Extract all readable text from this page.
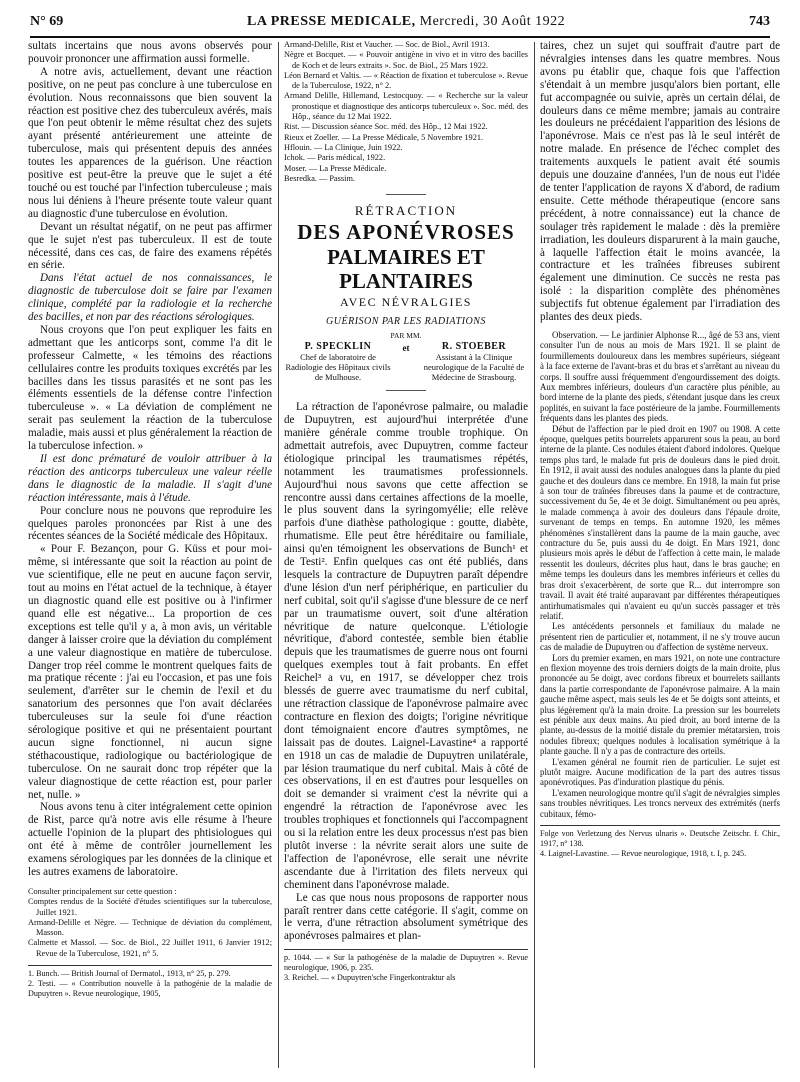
N° 69	LA PRESSE MEDICALE, Mercredi, 30 Août 1922	743

sultats incertains que nous avons observés pour pouvoir prononcer une affirmation aussi formelle.

A notre avis, actuellement, devant une réaction positive, on ne peut pas conclure à une tuberculose en évolution. Nous reconnaissons que bien souvent la réaction est positive chez des tuberculeux avérés, mais que l'on peut obtenir le même résultat chez des sujets ayant présenté antérieurement une atteinte de tuberculose, mais qui présentent depuis des années toutes les apparences de la guérison. Une réaction positive est peut-être la preuve que le sujet a été touché ou est touché par l'infection tuberculeuse ; mais nous lui déniens à l'heure présente toute valeur quant au diagnostic d'une tuberculose en évolution.

Devant un résultat négatif, on ne peut pas affirmer que le sujet n'est pas tuberculeux. Il est de toute nécessité, dans ces cas, de faire des examens répétés en série.

Dans l'état actuel de nos connaissances, le diagnostic de tuberculose doit se faire par l'examen clinique, complété par la radiologie et la recherche des bacilles, et non par des réactions sérologiques.

Nous croyons que l'on peut expliquer les faits en admettant que les anticorps sont, comme l'a dit le professeur Calmette, « les témoins des réactions cellulaires contre les produits toxiques excrétés par les bacilles dans les tissus parasités et ne sont pas les éléments essentiels de la défense contre l'infection tuberculeuse ». « La déviation de complément ne serait pas seulement la réaction de la tuberculose maladie, mais aussi et plus généralement la réaction de la tuberculose infection. »

Il est donc prématuré de vouloir attribuer à la réaction des anticorps tuberculeux une valeur réelle dans le diagnostic de la maladie. Il s'agit d'une réaction intéressante, mais à l'étude.

Pour conclure nous ne pouvons que reproduire les quelques paroles prononcées par Rist à une des récentes séances de la Société médicale des Hôpitaux.

« Pour F. Bezançon, pour G. Küss et pour moi-même, si intéressante que soit la réaction au point de vue scientifique, elle ne peut en aucune façon servir, tout au moins en l'état actuel de la technique, à étayer un diagnostic quand elle est positive ou à l'infirmer quand elle est négative... La proportion de ces exceptions est telle qu'il y a, à mon avis, un véritable danger à laisser croire que la déviation du complément a une valeur diagnostique en matière de tuberculose. Danger trop réel comme le montrent quelques faits de ma pratique récente : j'ai eu l'occasion, et pas une fois seulement, d'arrêter sur le chemin de l'exil et du sanatorium des personnes que l'on avait déclarées tuberculeuses sur la seule foi d'une réaction sérologique positive et qui ne présentaient pourtant aucun signe fonctionnel, ni aucun signe stéthacoustique, radiologique ou bactériologique de tuberculose. On ne saurait donc trop répéter que la valeur diagnostique de cette réaction est, pour parler net, nulle. »

Nous avons tenu à citer intégralement cette opinion de Rist, parce qu'à notre avis elle résume à l'heure actuelle l'opinion de la plupart des phtisiologues qui ont été à même de contrôler journellement les examens sérologiques par les données de la clinique et les autres examens de laboratoire.

Consulter principalement sur cette question :

Comptes rendus de la Société d'études scientifiques sur la tuberculose, Juillet 1921.

Armand-Delille et Nègre. — Technique de déviation du complément, Masson.

Calmette et Massol. — Soc. de Biol., 22 Juillet 1911, 6 Janvier 1912; Revue de la Tuberculose, 1921, n° 5.

1. Bunch. — British Journal of Dermatol., 1913, n° 25, p. 279.

2. Testi. — « Contribution nouvelle à la pathogénie de la maladie de Dupuytren ». Revue neurologique, 1905,

Armand-Delille, Rist et Vaucher. — Soc. de Biol., Avril 1913.

Nègre et Bocquet. — « Pouvoir antigène in vivo et in vitro des bacilles de Koch et de leurs extraits ». Soc. de Biol., 25 Mars 1922.

Léon Bernard et Valtis. — « Réaction de fixation et tuberculose ». Revue de la Tuberculose, 1922, n° 2.

Armand Delille, Hillemand, Lestocquoy. — « Recherche sur la valeur pronostique et diagnostique des anticorps tuberculeux ». Soc. méd. des Hôp., séance du 12 Mai 1922.

Rist. — Discussion séance Soc. méd. des Hôp., 12 Mai 1922.

Rieux et Zoeller. — La Presse Médicale, 5 Novembre 1921.

Hflouin. — La Clinique, Juin 1922.

Ichok. — Paris médical, 1922.

Moser. — La Presse Médicale.

Besredka. — Passim.

RÉTRACTION
DES APONÉVROSES
PALMAIRES ET PLANTAIRES
AVEC NÉVRALGIES
GUÉRISON PAR LES RADIATIONS
PAR MM.
P. SPECKLIN
Chef de laboratoire de Radiologie des Hôpitaux civils de Mulhouse.
et	R. STOEBER
Assistant à la Clinique neurologique de la Faculté de Médecine de Strasbourg.

La rétraction de l'aponévrose palmaire, ou maladie de Dupuytren, est aujourd'hui interprétée d'une manière générale comme trouble trophique. On admettait autrefois, avec Dupuytren, comme facteur étiologique principal les traumatismes répétés, notamment les traumatismes professionnels. Aujourd'hui nous savons que cette affection se rencontre aussi dans certaines affections de la moelle, le plus souvent dans la syringomyélie; elle relève parfois d'une diathèse pathologique : goutte, diabète, rhumatisme. Elle peut être héréditaire ou familiale, ainsi qu'en témoignent les observations de Bunch¹ et de Testi². Enfin quelques cas ont été publiés, dans lesquels la contracture de Dupuytren paraît dépendre d'une lésion d'un nerf périphérique, en particulier du nerf cubital, soit qu'il s'agisse d'une blessure de ce nerf par un traumatisme ouvert, soit d'une altération névritique de nature quelconque. L'étiologie névritique, d'abord contestée, semble bien établie depuis que les traumatismes de guerre nous ont fourni quelques exemples tout à fait probants. En effet Reichel³ a vu, en 1917, se développer chez trois blessés de guerre avec traumatisme du nerf cubital, une rétraction classique de l'aponévrose palmaire avec contracture en flexion des doigts; l'origine névritique dont témoignaient encore d'autres symptômes, ne laissait pas de doutes. Laignel-Lavastine⁴ a rapporté en 1918 un cas de maladie de Dupuytren unilatérale, par lésion traumatique du nerf cubital. Mais à côté de ces observations, il en est d'autres pour lesquelles on doit se demander si vraiment c'est la névrite qui a engendré la rétraction de l'aponévrose avec les troubles trophiques et fonctionnels qui l'accompagnent ou si la relation entre les deux processus n'est pas bien plutôt inverse : la névrite serait alors une suite de l'affection de l'aponévrose, elle serait une névrite ascendante due à l'irritation des filets nerveux qui cheminent dans l'aponévrose malade.

Le cas que nous nous proposons de rapporter nous paraît rentrer dans cette catégorie. Il s'agit, comme on le verra, d'une rétraction absolument symétrique des aponévroses palmaires et plan-

p. 1044. — « Sur la pathogénèse de la maladie de Dupuytren ». Revue neurologique, 1906, p. 235.

3. Reichel. — « Dupuytren'sche Fingerkontraktur als

taires, chez un sujet qui souffrait d'autre part de névralgies intenses dans les quatre membres. Nous avons pu établir que, chaque fois que l'affection s'étendait à un membre jusqu'alors bien portant, elle fut accompagnée ou suivie, après un certain délai, de douleurs dans ce même membre; jamais au contraire les douleurs ne précédaient l'apparition des lésions de l'aponévrose. Mais ce n'est pas là le seul intérêt de notre malade. En présence de l'échec complet des traitements auxquels le patient avait été soumis depuis une douzaine d'années, l'un de nous eut l'idée de tenter l'application de rayons X d'abord, de radium ensuite. Cette méthode thérapeutique (encore sans précédent, à notre connaissance) eut la chance de soulager très rapidement le malade : dès la première irradiation, les douleurs disparurent à la main gauche, à laquelle l'affection était le moins avancée, la contracture et les traînées fibreuses subirent également une diminution. Ce succès ne resta pas isolé : la disparition complète des phénomènes subjectifs fut obtenue également par l'irradiation des plantes des deux pieds.

Observation. — Le jardinier Alphonse R..., âgé de 53 ans, vient consulter l'un de nous au mois de Mars 1921. Il se plaint de fourmillements douloureux dans les membres supérieurs, siégeant à la face externe de l'avant-bras et du bras et s'arrêtant au niveau du corps. Il souffre aussi fréquemment d'engourdissement des doigts. Aux membres inférieurs, douleurs d'un caractère plus pénible, au bord interne de la plante des pieds, s'étendant jusque dans les creux poplités, en suivant la face postérieure de la jambe. Fourmillements fréquents dans les plantes des pieds.

Début de l'affection par le pied droit en 1907 ou 1908. A cette époque, quelques petits bourrelets apparurent sous la peau, au bord interne de la plante. Ces nodules étaient d'abord indolores. Quelque temps plus tard, le malade fut pris de douleurs dans le pied droit. En 1912, il avait aussi des nodules analogues dans la plante du pied gauche et des douleurs dans ce membre. En 1918, la main fut prise à son tour de traînées fibreuses dans la paume et de contracture, successivement du 5e, 4e et 3e doigt. Simultanément ou peu après, le malade commença à avoir des douleurs dans l'épaule droite, survenant de temps en temps. En automne 1920, les mêmes phénomènes s'installèrent dans la paume de la main gauche, avec contracture du 5e, puis aussi du 4e doigt. En Mars 1921, donc plusieurs mois après le début de l'affection à cette main, le malade ressentit les douleurs, décrites plus haut, dans le bras gauche; en même temps les douleurs dans les membres inférieurs et celles du bras droit s'exacerbèrent, de sorte que R... dut interrompre son travail. Il avait été traité auparavant par différentes thérapeutiques antirhumatismales qui n'avaient eu qu'un succès passager et très relatif.

Les antécédents personnels et familiaux du malade ne présentent rien de particulier et, notamment, il ne s'y trouve aucun cas de maladie de Dupuytren ou d'affection de système nerveux.

Lors du premier examen, en mars 1921, on note une contracture en flexion moyenne des trois derniers doigts de la main droite, plus prononcée au 5e doigt, avec cordons fibreux et bourrelets saillants dans la partie correspondante de l'aponévrose palmaire. A la main gauche même aspect, mais seuls les 4e et 5e doigts sont atteints, et plus légèrement qu'à la main droite. La pression sur les bourrelets est pénible aux deux mains. Au pied droit, au bord interne de la plante, au-dessus de la moitié distale du premier métatarsien, trois nodules fibreux; quelques nodules à localisation symétrique à la plante gauche. Il n'y a pas de contracture des orteils.

L'examen général ne fournit rien de particulier. Le sujet est plutôt maigre. Aucune modification de la part des autres tissus aponévrotiques. Pas d'induration plastique du pénis.

L'examen neurologique montre qu'il s'agit de névralgies simples sans troubles névritiques. Les troncs nerveux des extrémités (nerfs cubitaux, fémo-

Folge von Verletzung des Nervus ulnaris ». Deutsche Zeitschr. f. Chir., 1917, n° 138.

4. Laignel-Lavastine. — Revue neurologique, 1918, t. I, p. 245.
